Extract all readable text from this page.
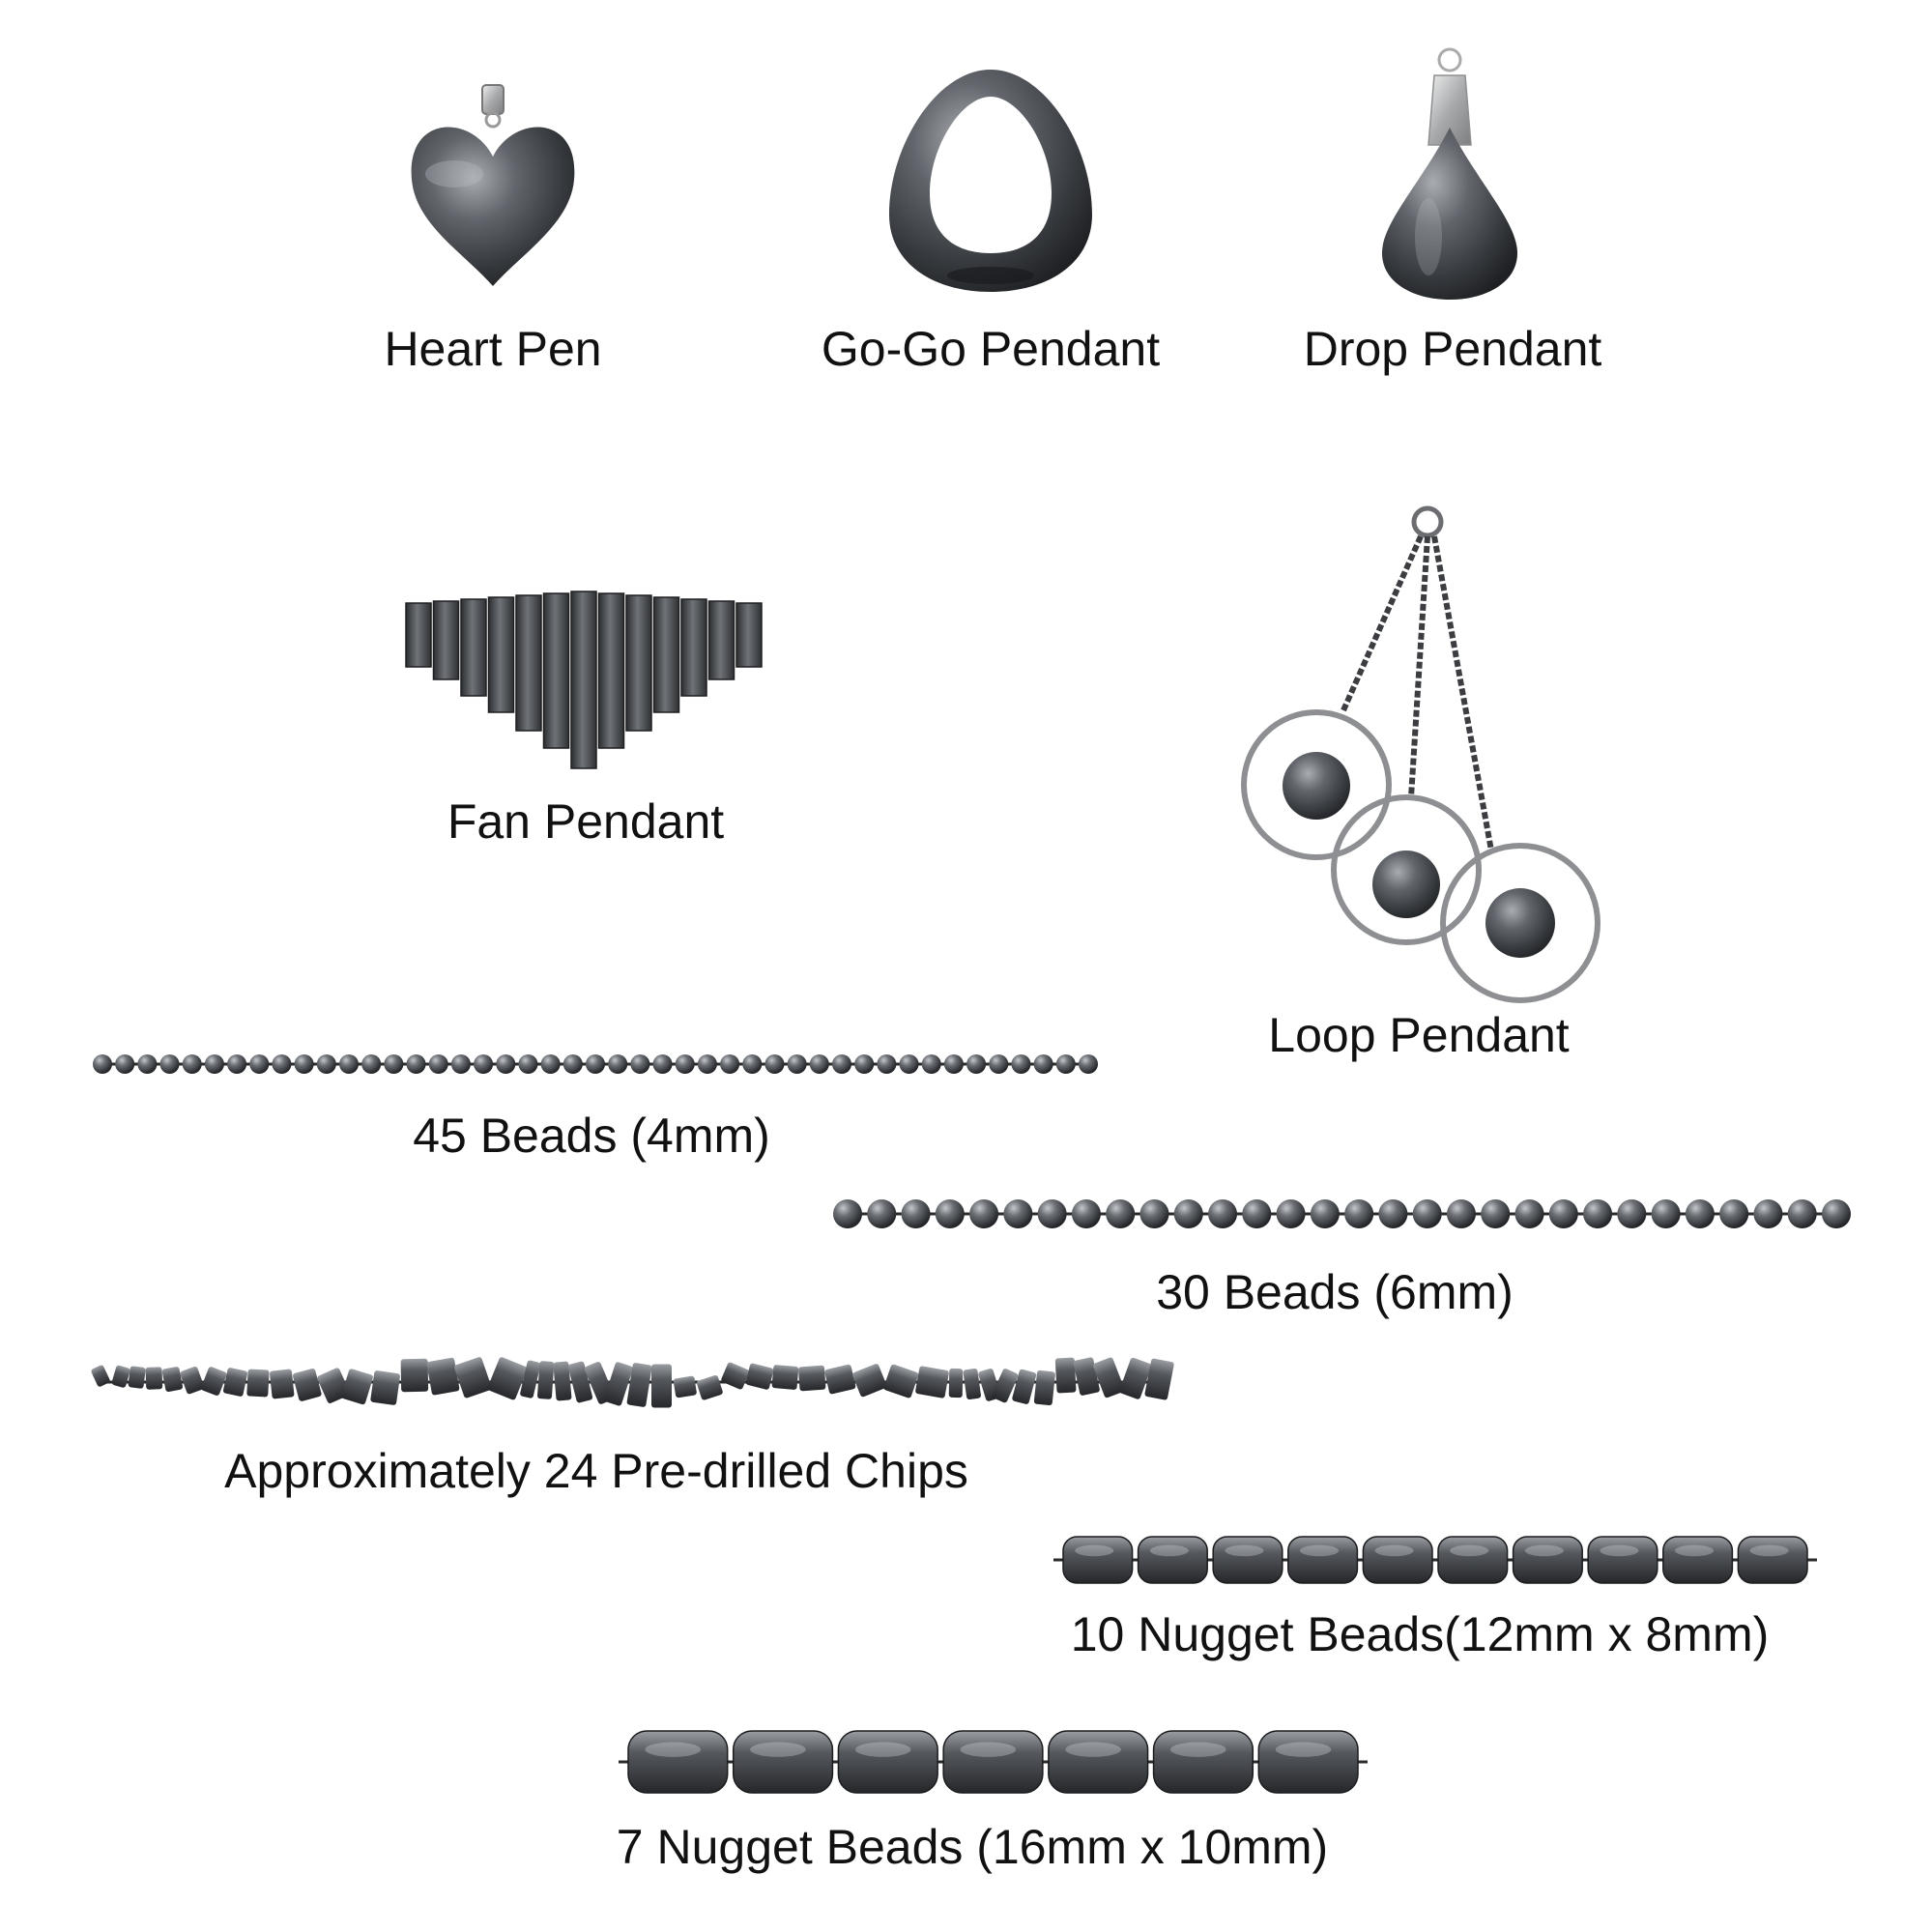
Heart Pen	Go-Go Pendant	Drop Pendant
Fan Pendant
Loop Pendant
45 Beads (4mm)
30 Beads (6mm)
Approximately 24 Pre-drilled Chips
10 Nugget Beads(12mm x 8mm)
7 Nugget Beads (16mm x 10mm)
